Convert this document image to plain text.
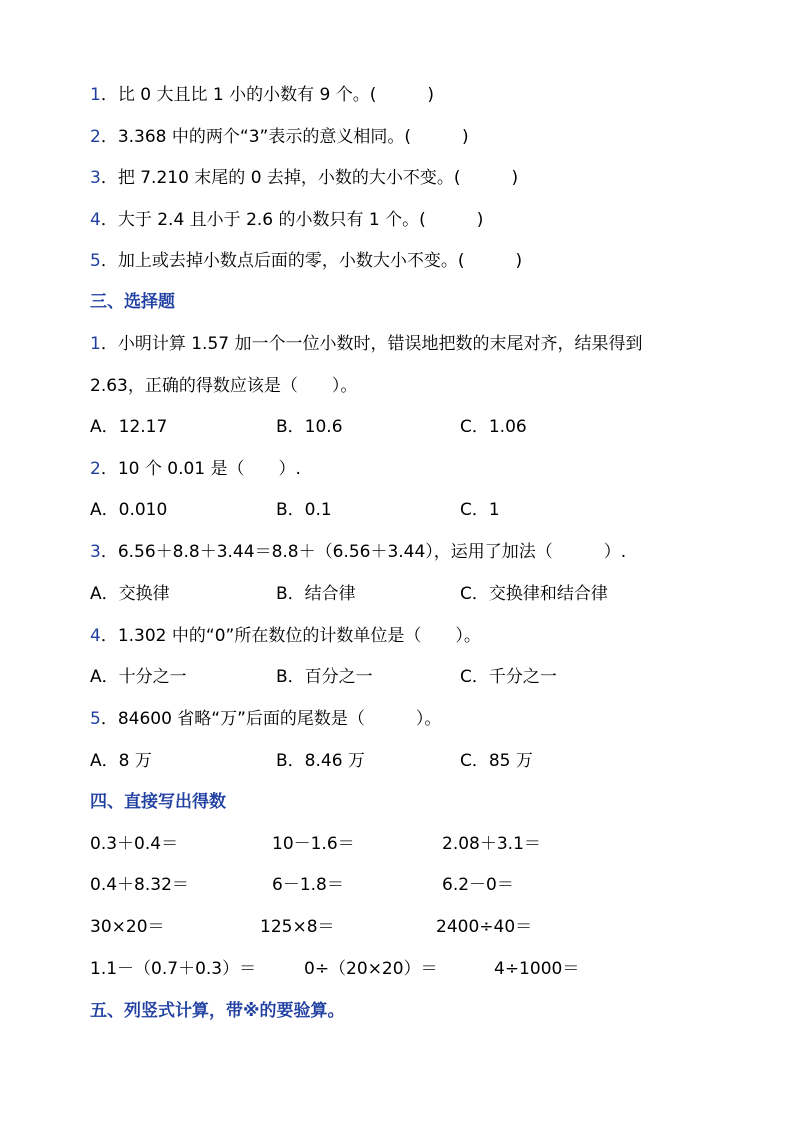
1．比 0 大且比 1 小的小数有 9 个。(　　　)
2．3.368 中的两个“3”表示的意义相同。(　　　)
3．把 7.210 末尾的 0 去掉，小数的大小不变。(　　　)
4．大于 2.4 且小于 2.6 的小数只有 1 个。(　　　)
5．加上或去掉小数点后面的零，小数大小不变。(　　　)
三、选择题
1．小明计算 1.57 加一个一位小数时，错误地把数的末尾对齐，结果得到
2.63，正确的得数应该是（　　）。
A．12.17	B．10.6	C．1.06
2．10 个 0.01 是（　　）.
A．0.010	B．0.1	C．1
3．6.56＋8.8＋3.44＝8.8＋（6.56＋3.44），运用了加法（　　　）.
A．交换律	B．结合律	C．交换律和结合律
4．1.302 中的“0”所在数位的计数单位是（　　）。
A．十分之一	B．百分之一	C．千分之一
5．84600 省略“万”后面的尾数是（　　　）。
A．8 万	B．8.46 万	C．85 万
四、直接写出得数
0.3＋0.4＝	10－1.6＝	2.08＋3.1＝
0.4＋8.32＝	6－1.8＝	6.2－0＝
30×20＝	125×8＝	2400÷40＝
1.1－（0.7＋0.3）＝	0÷（20×20）＝	4÷1000＝
五、列竖式计算，带※的要验算。
